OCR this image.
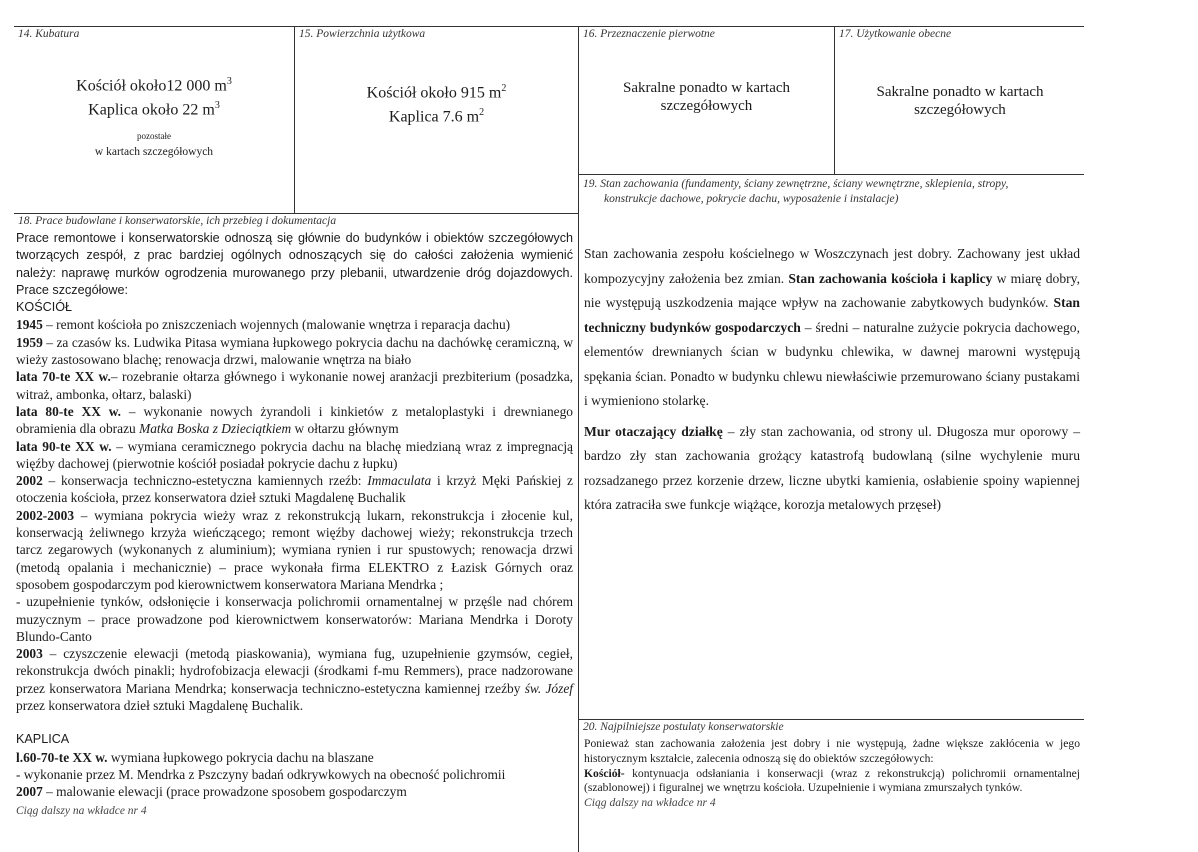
14. Kubatura
Kościół około12 000 $m^3$
Kaplica około 22 $m^3$
pozostałe
w kartach szczegółowych
15. Powierzchnia użytkowa
Kościół około 915 $m^2$
Kaplica 7.6 $m^2$
16. Przeznaczenie pierwotne
Sakralne ponadto w kartach
szczegółowych
17. Użytkowanie obecne
Sakralne ponadto w kartach
szczegółowych
19. Stan zachowania (fundamenty, ściany zewnętrzne, ściany wewnętrzne, sklepienia, stropy,
konstrukcje dachowe, pokrycie dachu, wyposażenie i instalacje)

Stan zachowania zespołu kościelnego w Woszczynach jest dobry. Zachowany jest układ kompozycyjny założenia bez zmian. Stan zachowania kościoła i kaplicy w miarę dobry, nie występują uszkodzenia mające wpływ na zachowanie zabytkowych budynków. Stan techniczny budynków gospodarczych – średni – naturalne zużycie pokrycia dachowego, elementów drewnianych ścian w budynku chlewika, w dawnej marowni występują spękania ścian. Ponadto w budynku chlewu niewłaściwie przemurowano ściany pustakami i wymieniono stolarkę.

Mur otaczający działkę – zły stan zachowania, od strony ul. Długosza mur oporowy – bardzo zły stan zachowania grożący katastrofą budowlaną (silne wychylenie muru rozsadzanego przez korzenie drzew, liczne ubytki kamienia, osłabienie spoiny wapiennej która zatraciła swe funkcje wiążące, korozja metalowych przęseł)

18. Prace budowlane i konserwatorskie, ich przebieg i dokumentacja

Prace remontowe i konserwatorskie odnoszą się głównie do budynków i obiektów szczegółowych tworzących zespół, z prac bardziej ogólnych odnoszących się do całości założenia wymienić należy: naprawę murków ogrodzenia murowanego przy plebanii, utwardzenie dróg dojazdowych. Prace szczegółowe:

KOŚCIÓŁ

1945 – remont kościoła po zniszczeniach wojennych (malowanie wnętrza i reparacja dachu)

1959 – za czasów ks. Ludwika Pitasa wymiana łupkowego pokrycia dachu na dachówkę ceramiczną, w wieży zastosowano blachę; renowacja drzwi, malowanie wnętrza na biało

lata 70-te XX w.– rozebranie ołtarza głównego i wykonanie nowej aranżacji prezbiterium (posadzka, witraż, ambonka, ołtarz, balaski)

lata 80-te XX w. – wykonanie nowych żyrandoli i kinkietów z metaloplastyki i drewnianego obramienia dla obrazu Matka Boska z Dzieciątkiem w ołtarzu głównym

lata 90-te XX w. – wymiana ceramicznego pokrycia dachu na blachę miedzianą wraz z impregnacją więźby dachowej (pierwotnie kościół posiadał pokrycie dachu z łupku)

2002 – konserwacja techniczno-estetyczna kamiennych rzeźb: Immaculata i krzyż Męki Pańskiej z otoczenia kościoła, przez konserwatora dzieł sztuki Magdalenę Buchalik

2002-2003 – wymiana pokrycia wieży wraz z rekonstrukcją lukarn, rekonstrukcja i złocenie kul, konserwacją żeliwnego krzyża wieńczącego; remont więźby dachowej wieży; rekonstrukcja trzech tarcz zegarowych (wykonanych z aluminium); wymiana rynien i rur spustowych; renowacja drzwi (metodą opalania i mechanicznie) – prace wykonała firma ELEKTRO z Łazisk Górnych oraz sposobem gospodarczym pod kierownictwem konserwatora Mariana Mendrka ;

- uzupełnienie tynków, odsłonięcie i konserwacja polichromii ornamentalnej w przęśle nad chórem muzycznym – prace prowadzone pod kierownictwem konserwatorów: Mariana Mendrka i Doroty Blundo-Canto

2003 – czyszczenie elewacji (metodą piaskowania), wymiana fug, uzupełnienie gzymsów, cegieł, rekonstrukcja dwóch pinakli; hydrofobizacja elewacji (środkami f-mu Remmers), prace nadzorowane przez konserwatora Mariana Mendrka; konserwacja techniczno-estetyczna kamiennej rzeźby św. Józef przez konserwatora dzieł sztuki Magdalenę Buchalik.

KAPLICA

l.60-70-te XX w. wymiana łupkowego pokrycia dachu na blaszane

- wykonanie przez M. Mendrka z Pszczyny badań odkrywkowych na obecność polichromii

2007 – malowanie elewacji (prace prowadzone sposobem gospodarczym

Ciąg dalszy na wkładce nr 4

20. Najpilniejsze postulaty konserwatorskie

Ponieważ stan zachowania założenia jest dobry i nie występują, żadne większe zakłócenia w jego historycznym kształcie, zalecenia odnoszą się do obiektów szczegółowych:

Kościół- kontynuacja odsłaniania i konserwacji (wraz z rekonstrukcją) polichromii ornamentalnej (szablonowej) i figuralnej we wnętrzu kościoła. Uzupełnienie i wymiana zmurszałych tynków.

Ciąg dalszy na wkładce nr 4
